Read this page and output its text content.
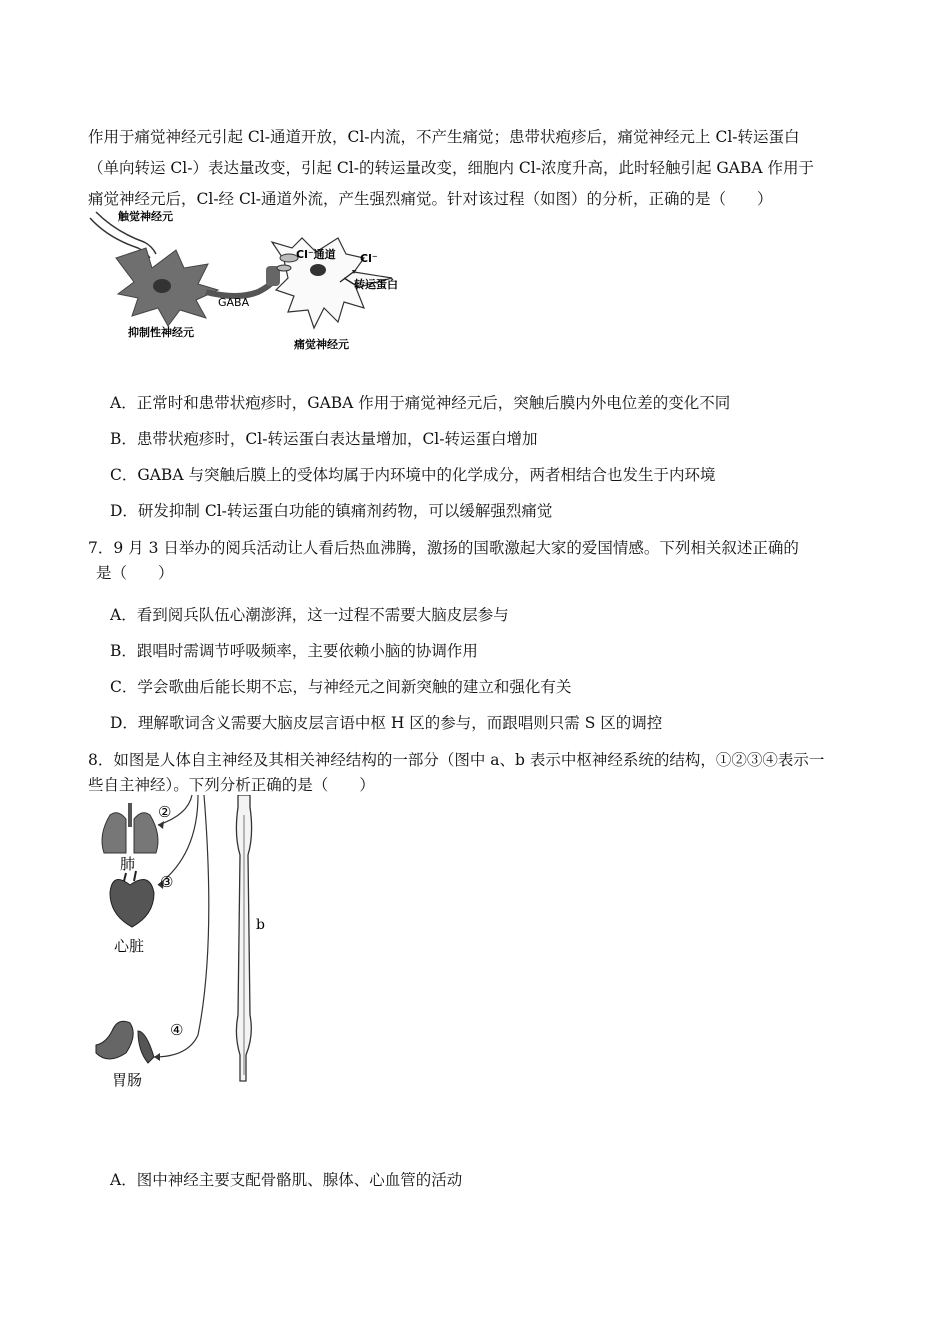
作用于痛觉神经元引起 Cl-通道开放，Cl-内流，不产生痛觉；患带状疱疹后，痛觉神经元上 Cl-转运蛋白
（单向转运 Cl-）表达量改变，引起 Cl-的转运量改变，细胞内 Cl-浓度升高，此时轻触引起 GABA 作用于
痛觉神经元后，Cl-经 Cl-通道外流，产生强烈痛觉。针对该过程（如图）的分析，正确的是（　　）
触觉神经元
GABA
抑制性神经元
Cl⁻通道 Cl⁻
转运蛋白
痛觉神经元
A．正常时和患带状疱疹时，GABA 作用于痛觉神经元后，突触后膜内外电位差的变化不同
B．患带状疱疹时，Cl-转运蛋白表达量增加，Cl-转运蛋白增加
C．GABA 与突触后膜上的受体均属于内环境中的化学成分，两者相结合也发生于内环境
D．研发抑制 Cl-转运蛋白功能的镇痛剂药物，可以缓解强烈痛觉
7．9 月 3 日举办的阅兵活动让人看后热血沸腾，激扬的国歌激起大家的爱国情感。下列相关叙述正确的
是（　　）
A．看到阅兵队伍心潮澎湃，这一过程不需要大脑皮层参与
B．跟唱时需调节呼吸频率，主要依赖小脑的协调作用
C．学会歌曲后能长期不忘，与神经元之间新突触的建立和强化有关
D．理解歌词含义需要大脑皮层言语中枢 H 区的参与，而跟唱则只需 S 区的调控
8．如图是人体自主神经及其相关神经结构的一部分（图中 a、b 表示中枢神经系统的结构，①②③④表示一
些自主神经）。下列分析正确的是（　　）
b
②
③
④
肺
心脏
胃肠
A．图中神经主要支配骨骼肌、腺体、心血管的活动
